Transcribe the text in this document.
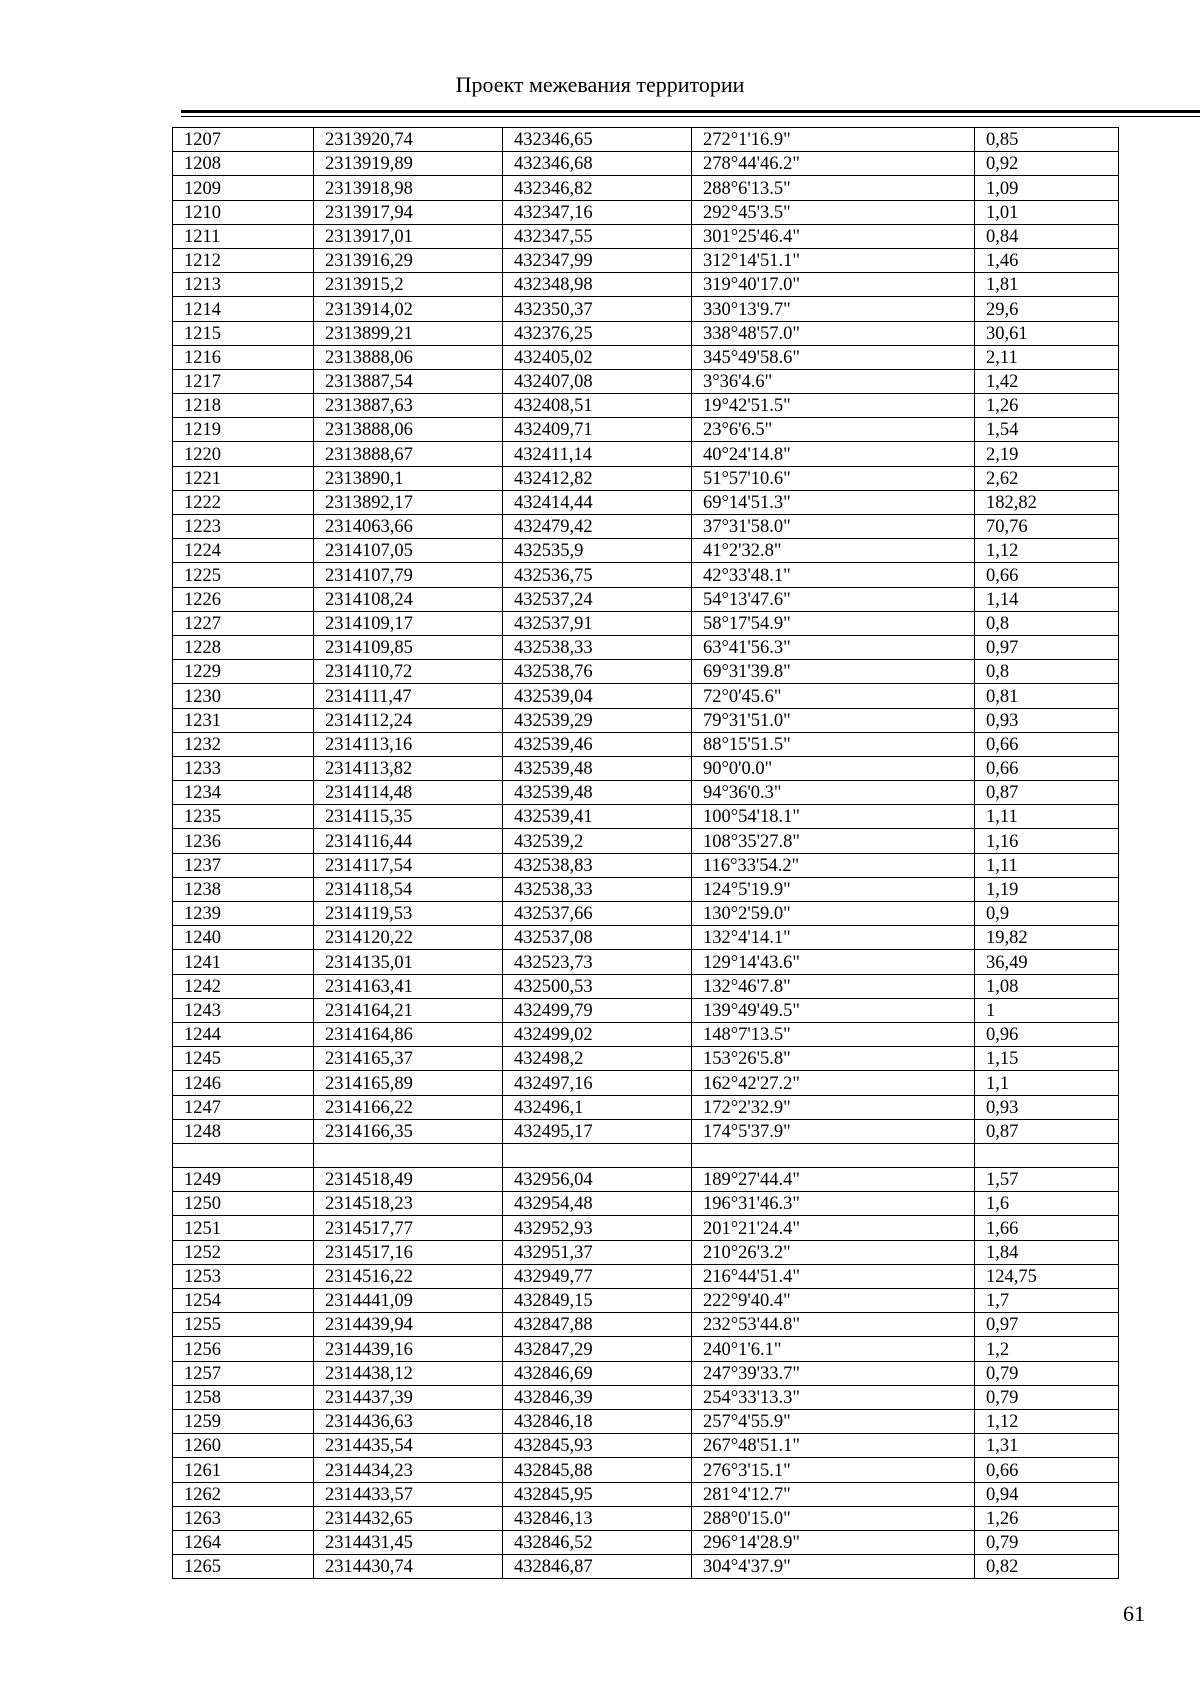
Проект межевания территории
1207	2313920,74	432346,65	272°1'16.9"	0,85
1208	2313919,89	432346,68	278°44'46.2"	0,92
1209	2313918,98	432346,82	288°6'13.5"	1,09
1210	2313917,94	432347,16	292°45'3.5"	1,01
1211	2313917,01	432347,55	301°25'46.4"	0,84
1212	2313916,29	432347,99	312°14'51.1"	1,46
1213	2313915,2	432348,98	319°40'17.0"	1,81
1214	2313914,02	432350,37	330°13'9.7"	29,6
1215	2313899,21	432376,25	338°48'57.0"	30,61
1216	2313888,06	432405,02	345°49'58.6"	2,11
1217	2313887,54	432407,08	3°36'4.6"	1,42
1218	2313887,63	432408,51	19°42'51.5"	1,26
1219	2313888,06	432409,71	23°6'6.5"	1,54
1220	2313888,67	432411,14	40°24'14.8"	2,19
1221	2313890,1	432412,82	51°57'10.6"	2,62
1222	2313892,17	432414,44	69°14'51.3"	182,82
1223	2314063,66	432479,42	37°31'58.0"	70,76
1224	2314107,05	432535,9	41°2'32.8"	1,12
1225	2314107,79	432536,75	42°33'48.1"	0,66
1226	2314108,24	432537,24	54°13'47.6"	1,14
1227	2314109,17	432537,91	58°17'54.9"	0,8
1228	2314109,85	432538,33	63°41'56.3"	0,97
1229	2314110,72	432538,76	69°31'39.8"	0,8
1230	2314111,47	432539,04	72°0'45.6"	0,81
1231	2314112,24	432539,29	79°31'51.0"	0,93
1232	2314113,16	432539,46	88°15'51.5"	0,66
1233	2314113,82	432539,48	90°0'0.0"	0,66
1234	2314114,48	432539,48	94°36'0.3"	0,87
1235	2314115,35	432539,41	100°54'18.1"	1,11
1236	2314116,44	432539,2	108°35'27.8"	1,16
1237	2314117,54	432538,83	116°33'54.2"	1,11
1238	2314118,54	432538,33	124°5'19.9"	1,19
1239	2314119,53	432537,66	130°2'59.0"	0,9
1240	2314120,22	432537,08	132°4'14.1"	19,82
1241	2314135,01	432523,73	129°14'43.6"	36,49
1242	2314163,41	432500,53	132°46'7.8"	1,08
1243	2314164,21	432499,79	139°49'49.5"	1
1244	2314164,86	432499,02	148°7'13.5"	0,96
1245	2314165,37	432498,2	153°26'5.8"	1,15
1246	2314165,89	432497,16	162°42'27.2"	1,1
1247	2314166,22	432496,1	172°2'32.9"	0,93
1248	2314166,35	432495,17	174°5'37.9"	0,87

1249	2314518,49	432956,04	189°27'44.4"	1,57
1250	2314518,23	432954,48	196°31'46.3"	1,6
1251	2314517,77	432952,93	201°21'24.4"	1,66
1252	2314517,16	432951,37	210°26'3.2"	1,84
1253	2314516,22	432949,77	216°44'51.4"	124,75
1254	2314441,09	432849,15	222°9'40.4"	1,7
1255	2314439,94	432847,88	232°53'44.8"	0,97
1256	2314439,16	432847,29	240°1'6.1"	1,2
1257	2314438,12	432846,69	247°39'33.7"	0,79
1258	2314437,39	432846,39	254°33'13.3"	0,79
1259	2314436,63	432846,18	257°4'55.9"	1,12
1260	2314435,54	432845,93	267°48'51.1"	1,31
1261	2314434,23	432845,88	276°3'15.1"	0,66
1262	2314433,57	432845,95	281°4'12.7"	0,94
1263	2314432,65	432846,13	288°0'15.0"	1,26
1264	2314431,45	432846,52	296°14'28.9"	0,79
1265	2314430,74	432846,87	304°4'37.9"	0,82
61
